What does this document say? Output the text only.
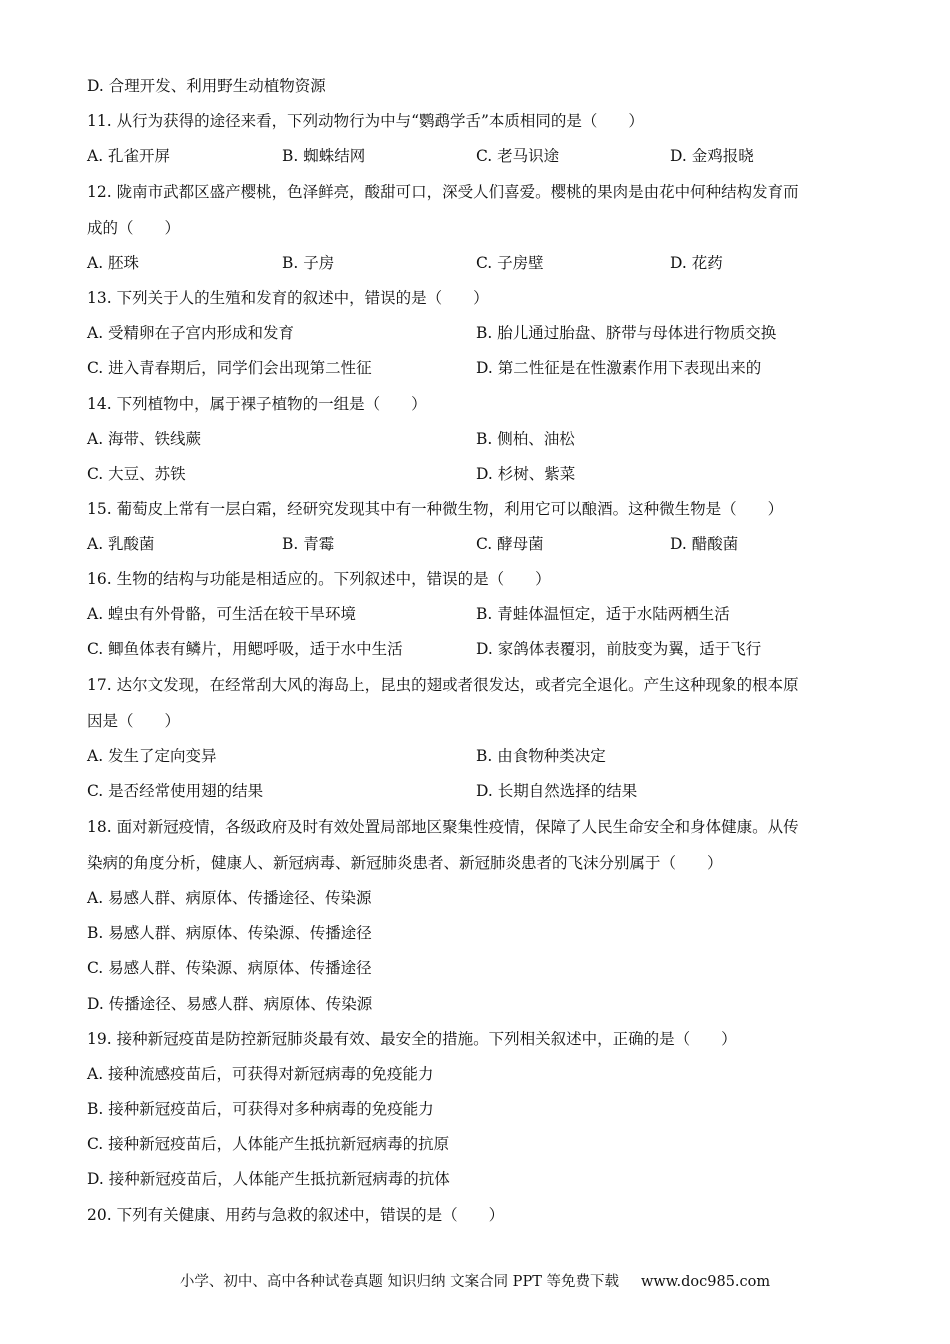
D. 合理开发、利用野生动植物资源
11. 从行为获得的途径来看，下列动物行为中与“鹦鹉学舌”本质相同的是（　　）
A. 孔雀开屏	B. 蜘蛛结网	C. 老马识途	D. 金鸡报晓
12. 陇南市武都区盛产樱桃，色泽鲜亮，酸甜可口，深受人们喜爱。樱桃的果肉是由花中何种结构发育而
成的（　　）
A. 胚珠	B. 子房	C. 子房壁	D. 花药
13. 下列关于人的生殖和发育的叙述中，错误的是（　　）
A. 受精卵在子宫内形成和发育	B. 胎儿通过胎盘、脐带与母体进行物质交换
C. 进入青春期后，同学们会出现第二性征	D. 第二性征是在性激素作用下表现出来的
14. 下列植物中，属于裸子植物的一组是（　　）
A. 海带、铁线蕨	B. 侧柏、油松
C. 大豆、苏铁	D. 杉树、紫菜
15. 葡萄皮上常有一层白霜，经研究发现其中有一种微生物，利用它可以酿酒。这种微生物是（　　）
A. 乳酸菌	B. 青霉	C. 酵母菌	D. 醋酸菌
16. 生物的结构与功能是相适应的。下列叙述中，错误的是（　　）
A. 蝗虫有外骨骼，可生活在较干旱环境	B. 青蛙体温恒定，适于水陆两栖生活
C. 鲫鱼体表有鳞片，用鳃呼吸，适于水中生活	D. 家鸽体表覆羽，前肢变为翼，适于飞行
17. 达尔文发现，在经常刮大风的海岛上，昆虫的翅或者很发达，或者完全退化。产生这种现象的根本原
因是（　　）
A. 发生了定向变异	B. 由食物种类决定
C. 是否经常使用翅的结果	D. 长期自然选择的结果
18. 面对新冠疫情，各级政府及时有效处置局部地区聚集性疫情，保障了人民生命安全和身体健康。从传
染病的角度分析，健康人、新冠病毒、新冠肺炎患者、新冠肺炎患者的飞沫分别属于（　　）
A. 易感人群、病原体、传播途径、传染源
B. 易感人群、病原体、传染源、传播途径
C. 易感人群、传染源、病原体、传播途径
D. 传播途径、易感人群、病原体、传染源
19. 接种新冠疫苗是防控新冠肺炎最有效、最安全的措施。下列相关叙述中，正确的是（　　）
A. 接种流感疫苗后，可获得对新冠病毒的免疫能力
B. 接种新冠疫苗后，可获得对多种病毒的免疫能力
C. 接种新冠疫苗后，人体能产生抵抗新冠病毒的抗原
D. 接种新冠疫苗后，人体能产生抵抗新冠病毒的抗体
20. 下列有关健康、用药与急救的叙述中，错误的是（　　）
小学、初中、高中各种试卷真题 知识归纳 文案合同 PPT 等免费下载 www.doc985.com
